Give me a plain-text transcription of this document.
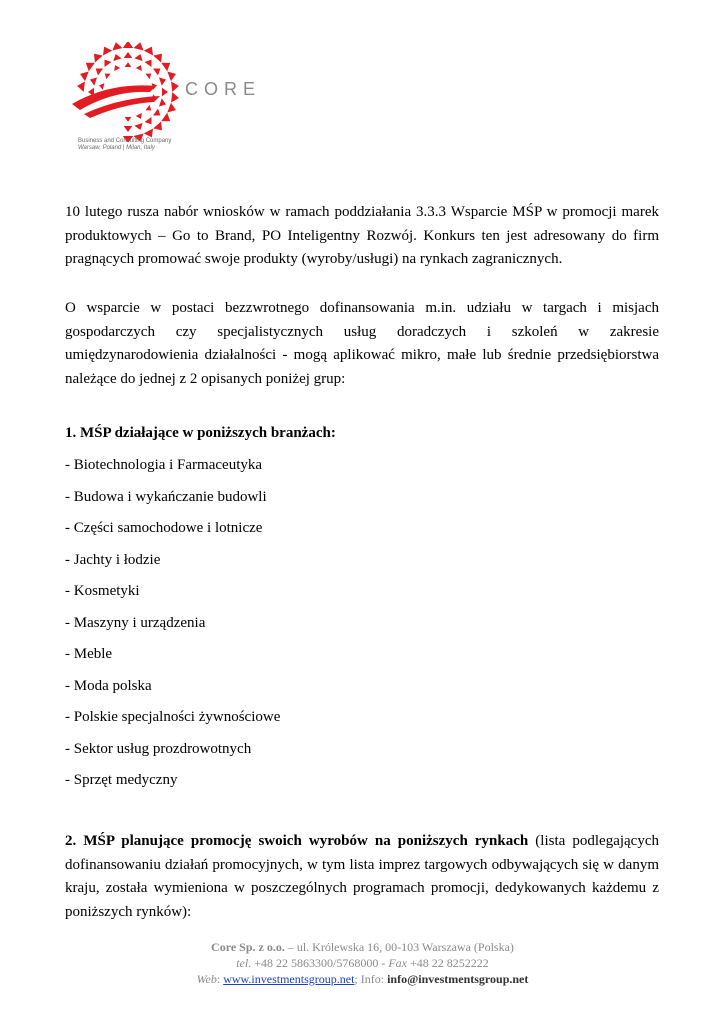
CORE
Business and Consulting Company
Warsaw, Poland | Milan, Italy

10 lutego rusza nabór wniosków w ramach poddziałania 3.3.3 Wsparcie MŚP w promocji marek produktowych – Go to Brand, PO Inteligentny Rozwój. Konkurs ten jest adresowany do firm pragnących promować swoje produkty (wyroby/usługi) na rynkach zagranicznych.

O wsparcie w postaci bezzwrotnego dofinansowania m.in. udziału w targach i misjach gospodarczych czy specjalistycznych usług doradczych i szkoleń w zakresie umiędzynarodowienia działalności - mogą aplikować mikro, małe lub średnie przedsiębiorstwa należące do jednej z 2 opisanych poniżej grup:

1. MŚP działające w poniższych branżach:

- Biotechnologia i Farmaceutyka

- Budowa i wykańczanie budowli

- Części samochodowe i lotnicze

- Jachty i łodzie

- Kosmetyki

- Maszyny i urządzenia

- Meble

- Moda polska

- Polskie specjalności żywnościowe

- Sektor usług prozdrowotnych

- Sprzęt medyczny

2. MŚP planujące promocję swoich wyrobów na poniższych rynkach (lista podlegających dofinansowaniu działań promocyjnych, w tym lista imprez targowych odbywających się w danym kraju, została wymieniona w poszczególnych programach promocji, dedykowanych każdemu z poniższych rynków):

Core Sp. z o.o. – ul. Królewska 16, 00-103 Warszawa (Polska)
tel. +48 22 5863300/5768000 - Fax +48 22 8252222
Web: www.investmentsgroup.net; Info: info@investmentsgroup.net
